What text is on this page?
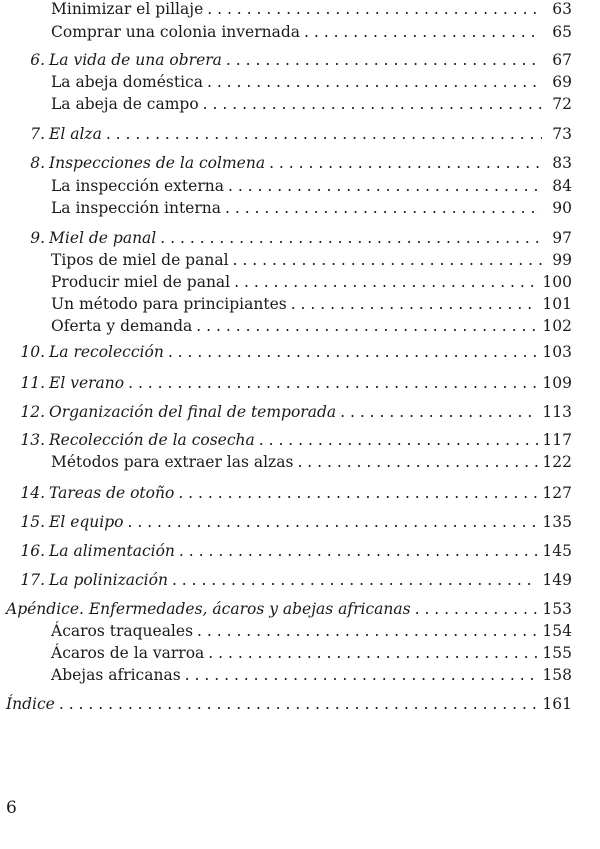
Minimizar el pillaje . . .	63
Comprar una colonia invernada . . .	65
6. La vida de una obrera . . .	67
La abeja doméstica . . .	69
La abeja de campo . . .	72
7. El alza . . .	73
8. Inspecciones de la colmena . . .	83
La inspección externa . . .	84
La inspección interna . . .	90
9. Miel de panal . . .	97
Tipos de miel de panal . . .	99
Producir miel de panal . . .	100
Un método para principiantes . . .	101
Oferta y demanda . . .	102
10. La recolección . . .	103
11. El verano . . .	109
12. Organización del final de temporada . . .	113
13. Recolección de la cosecha . . .	117
Métodos para extraer las alzas . . .	122
14. Tareas de otoño . . .	127
15. El equipo . . .	135
16. La alimentación . . .	145
17. La polinización . . .	149
Apéndice. Enfermedades, ácaros y abejas africanas . . .	153
Ácaros traqueales . . .	154
Ácaros de la varroa . . .	155
Abejas africanas . . .	158
Índice . . .	161
6
